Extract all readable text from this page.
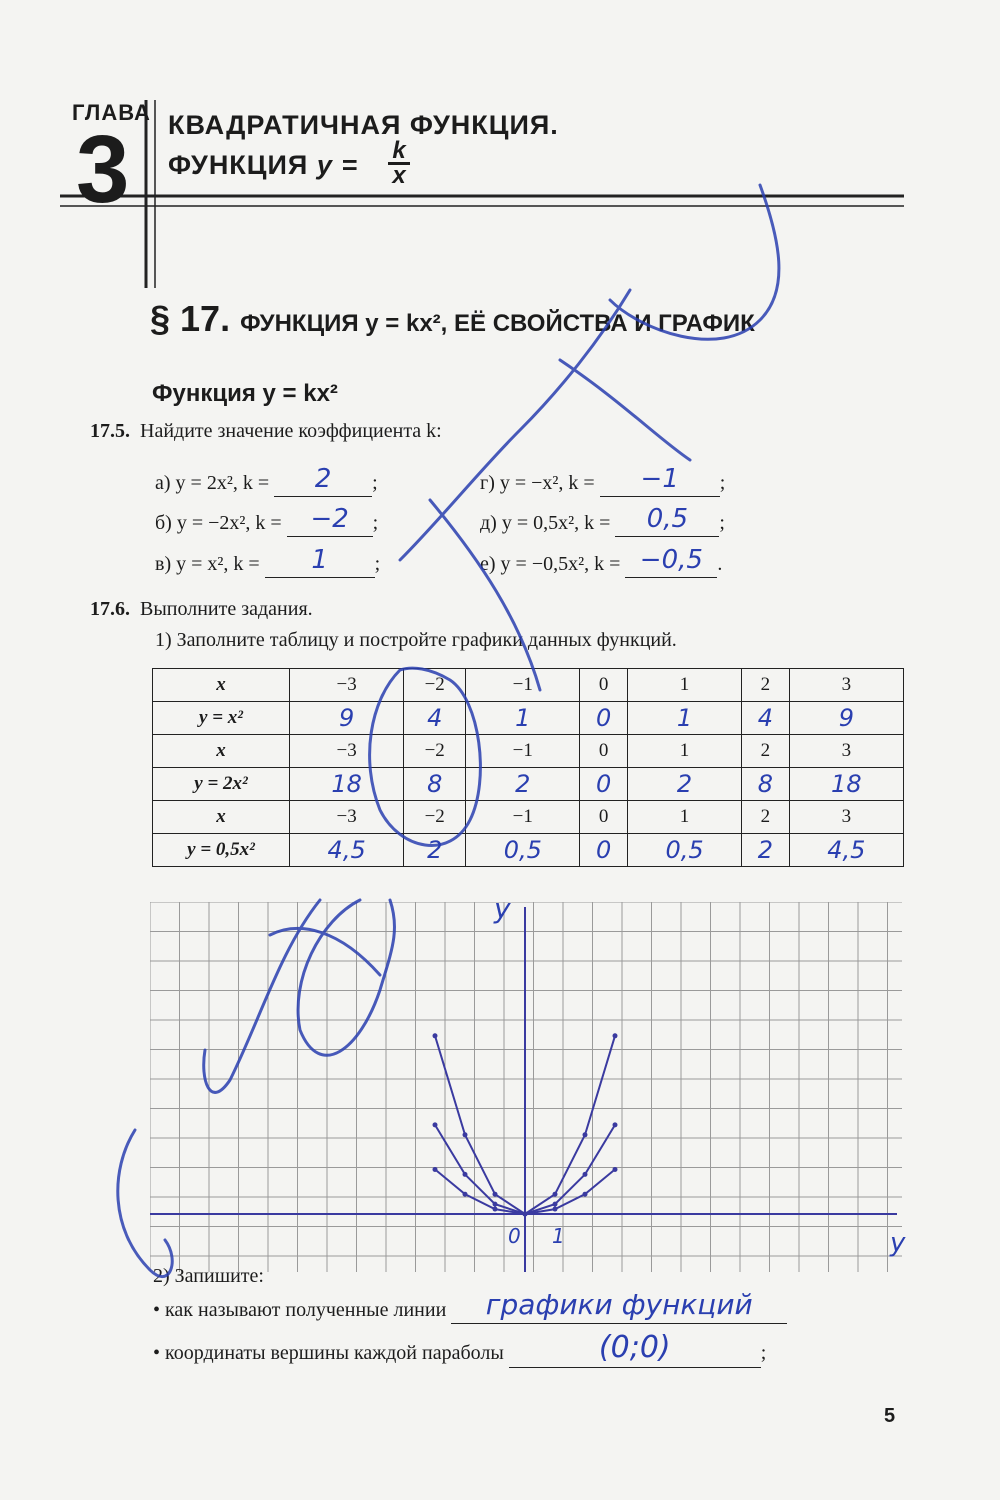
ГЛАВА
3 КВАДРАТИЧНАЯ ФУНКЦИЯ.
ФУНКЦИЯ y = k
x
§ 17. ФУНКЦИЯ y = kx², ЕЁ СВОЙСТВА И ГРАФИК
Функция y = kx²
17.5. Найдите значение коэффициента k:
а) y = 2x², k = 2 ;
б) y = −2x², k = −2 ;
в) y = x², k = 1 ;
г) y = −x², k = −1 ;
д) y = 0,5x², k = 0,5 ;
е) y = −0,5x², k = −0,5 .
17.6. Выполните задания.
1) Заполните таблицу и постройте графики данных функций.
x	−3	−2	−1	0	1	2	3
y = x²	9	4	1	0	1	4	9
x	−3	−2	−1	0	1	2	3
y = 2x²	18	8	2	0	2	8	18
x	−3	−2	−1	0	1	2	3
y = 0,5x²	4,5	2	0,5	0	0,5	2	4,5
y
y
0 1
2) Запишите:
• как называют полученные линии графики функций
• координаты вершины каждой параболы	(0;0)	;
5
